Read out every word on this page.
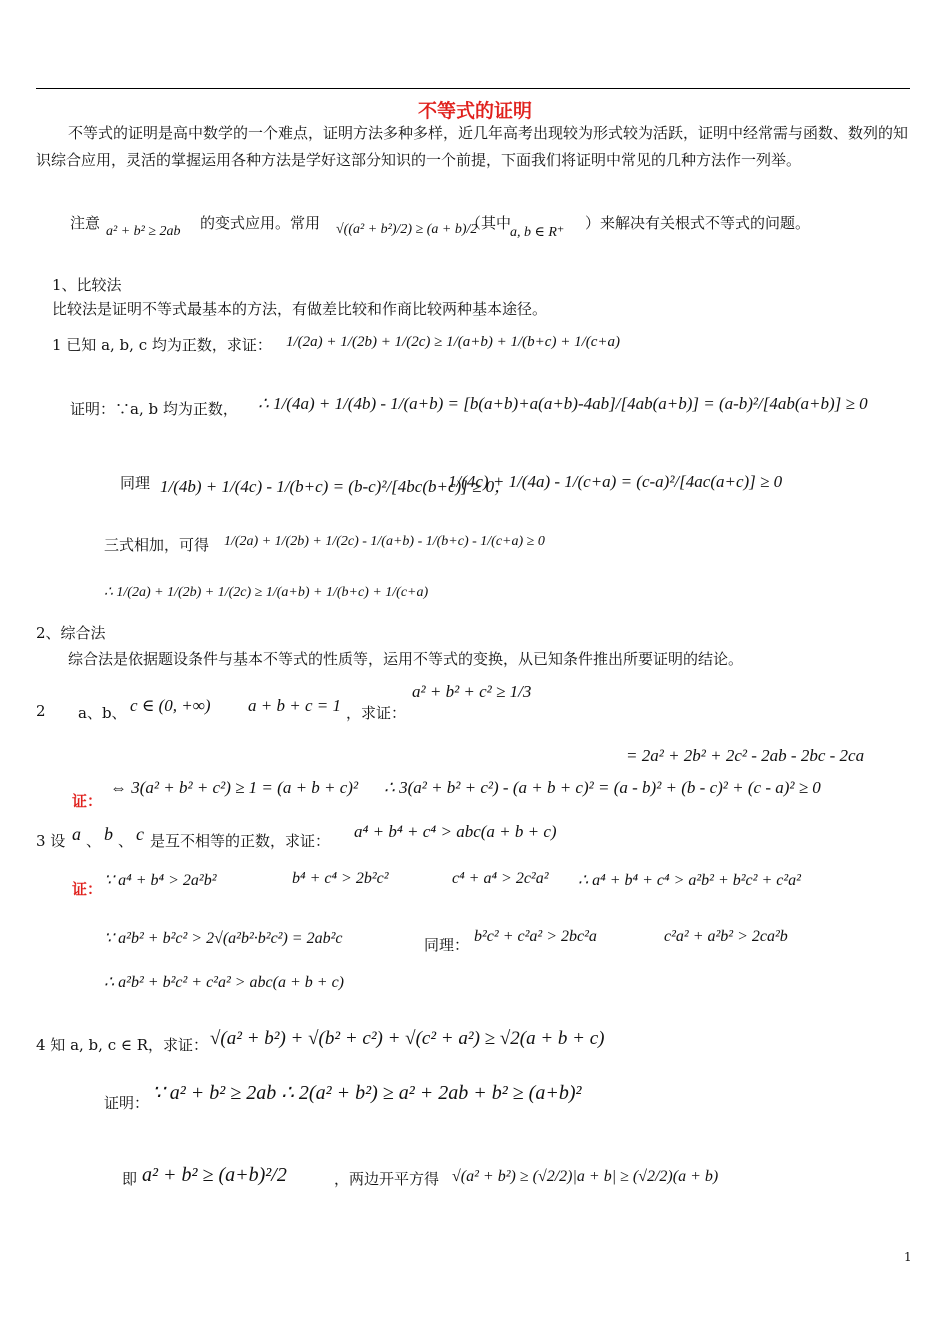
不等式的证明
不等式的证明是高中数学的一个难点，证明方法多种多样，近几年高考出现较为形式较为活跃，证明中经常需与函数、数列的知识综合应用，灵活的掌握运用各种方法是学好这部分知识的一个前提，下面我们将证明中常见的几种方法作一列举。
注意 a² + b² ≥ 2ab 的变式应用。常用 √((a² + b²)/2) ≥ (a + b)/2
（其中
a, b ∈ R⁺
）来解决有关根式不等式的问题。
1、比较法
比较法是证明不等式最基本的方法，有做差比较和作商比较两种基本途径。
1 已知 a, b, c 均为正数，求证： 1/(2a) + 1/(2b) + 1/(2c) ≥ 1/(a+b) + 1/(b+c) + 1/(c+a)
证明：∵a, b 均为正数， ∴ 1/(4a) + 1/(4b) - 1/(a+b) = [b(a+b)+a(a+b)-4ab]/[4ab(a+b)] = (a-b)²/[4ab(a+b)] ≥ 0
同理 1/(4b) + 1/(4c) - 1/(b+c) = (b-c)²/[4bc(b+c)] ≥ 0，
1/(4c) + 1/(4a) - 1/(c+a) = (c-a)²/[4ac(a+c)] ≥ 0
三式相加，可得 1/(2a) + 1/(2b) + 1/(2c) - 1/(a+b) - 1/(b+c) - 1/(c+a) ≥ 0
∴ 1/(2a) + 1/(2b) + 1/(2c) ≥ 1/(a+b) + 1/(b+c) + 1/(c+a)
2、综合法
综合法是依据题设条件与基本不等式的性质等，运用不等式的变换，从已知条件推出所要证明的结论。
2 a、b、 c ∈ (0, +∞) a + b + c = 1 ，求证：
a² + b² + c² ≥ 1/3
= 2a² + 2b² + 2c² - 2ab - 2bc - 2ca
证：
⇔ 3(a² + b² + c²) ≥ 1 = (a + b + c)² ∴ 3(a² + b² + c²) - (a + b + c)² = (a - b)² + (b - c)² + (c - a)² ≥ 0
3 设 a 、 b 、 c 是互不相等的正数，求证： a⁴ + b⁴ + c⁴ > abc(a + b + c)
证： ∵ a⁴ + b⁴ > 2a²b²	b⁴ + c⁴ > 2b²c²	c⁴ + a⁴ > 2c²a² ∴ a⁴ + b⁴ + c⁴ > a²b² + b²c² + c²a²
∵ a²b² + b²c² > 2√(a²b²·b²c²) = 2ab²c	同理： b²c² + c²a² > 2bc²a	c²a² + a²b² > 2ca²b
∴ a²b² + b²c² + c²a² > abc(a + b + c)
4 知 a, b, c ∈ R，求证： √(a² + b²) + √(b² + c²) + √(c² + a²) ≥ √2(a + b + c)
证明： ∵ a² + b² ≥ 2ab ∴ 2(a² + b²) ≥ a² + 2ab + b² ≥ (a+b)²
即 a² + b² ≥ (a+b)²/2	，两边开平方得 √(a² + b²) ≥ (√2/2)|a + b| ≥ (√2/2)(a + b)
1
